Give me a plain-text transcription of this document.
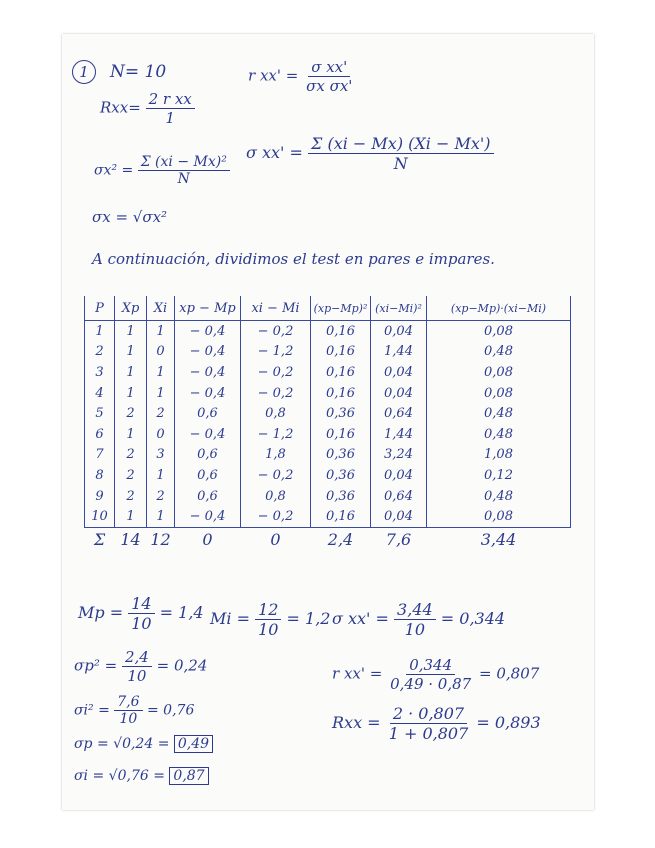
1	N= 10
$Rxx= \frac{\text{2 r xx}}{1}$
r $xx' = \frac{\text{σ xx'}}{\text{σx σx'}}$
σ $xx' = \frac{\Sigma (xi - Mx) (Xi - Mx')}{N}$
$\sigma x^2 = \frac{\text{Σ (xi − Mx)²}}{N}$
σx = √σx²
A continuación, dividimos el test en pares e impares.
P	Xp	Xi	xp − Mp	xi − Mi	(xp−Mp)²	(xi−Mi)²	(xp−Mp)·(xi−Mi)
1	1	1	− 0,4	− 0,2	0,16	0,04	0,08
2	1	0	− 0,4	− 1,2	0,16	1,44	0,48
3	1	1	− 0,4	− 0,2	0,16	0,04	0,08
4	1	1	− 0,4	− 0,2	0,16	0,04	0,08
5	2	2	0,6	0,8	0,36	0,64	0,48
6	1	0	− 0,4	− 1,2	0,16	1,44	0,48
7	2	3	0,6	1,8	0,36	3,24	1,08
8	2	1	0,6	− 0,2	0,36	0,04	0,12
9	2	2	0,6	0,8	0,36	0,64	0,48
10	1	1	− 0,4	− 0,2	0,16	0,04	0,08
Σ	14	12	0	0	2,4	7,6	3,44
$Mp = \frac{14}{10} = 1,4$ $Mi = \frac{12}{10} = 1,2$ σ $xx' = \frac{3,44}{10} = 0,344$
$\sigma p^2 = \frac{2,4}{10} = 0,24$	r $xx' = \frac{0,344}{0,49 \cdot 0,87} = 0,807$
$\sigma i^2 = \frac{7,6}{10} = 0,76$
Rxx = $\frac{2 \cdot 0,807}{1 + 0,807} = 0,893$
σp = √0,24 = 0,49
σi = √0,76 = 0,87
